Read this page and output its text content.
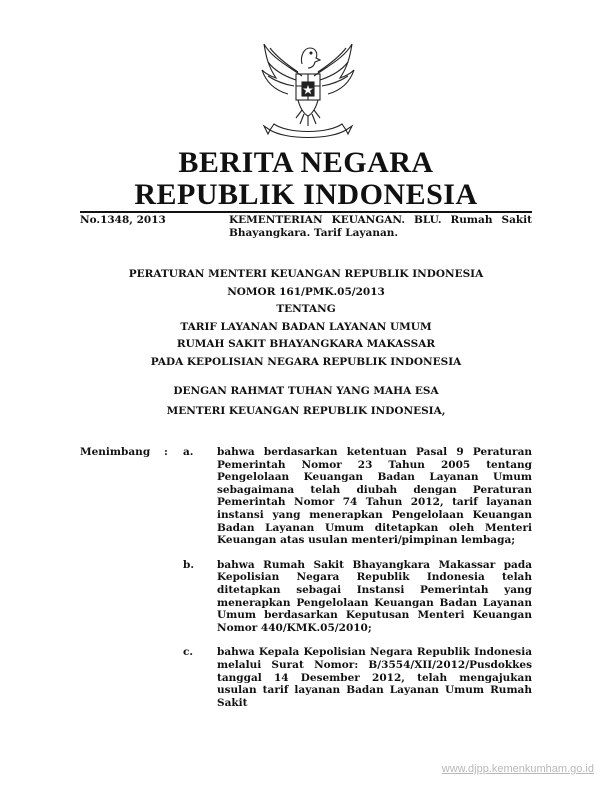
BERITA NEGARA
REPUBLIK INDONESIA
No.1348, 2013	KEMENTERIAN KEUANGAN. BLU. Rumah Sakit Bhayangkara. Tarif Layanan.
PERATURAN MENTERI KEUANGAN REPUBLIK INDONESIA
NOMOR 161/PMK.05/2013
TENTANG
TARIF LAYANAN BADAN LAYANAN UMUM
RUMAH SAKIT BHAYANGKARA MAKASSAR
PADA KEPOLISIAN NEGARA REPUBLIK INDONESIA
DENGAN RAHMAT TUHAN YANG MAHA ESA
MENTERI KEUANGAN REPUBLIK INDONESIA,
Menimbang : a. bahwa berdasarkan ketentuan Pasal 9 Peraturan Pemerintah Nomor 23 Tahun 2005 tentang Pengelolaan Keuangan Badan Layanan Umum sebagaimana telah diubah dengan Peraturan Pemerintah Nomor 74 Tahun 2012, tarif layanan instansi yang menerapkan Pengelolaan Keuangan Badan Layanan Umum ditetapkan oleh Menteri Keuangan atas usulan menteri/pimpinan lembaga;
b. bahwa Rumah Sakit Bhayangkara Makassar pada Kepolisian Negara Republik Indonesia telah ditetapkan sebagai Instansi Pemerintah yang menerapkan Pengelolaan Keuangan Badan Layanan Umum berdasarkan Keputusan Menteri Keuangan Nomor 440/KMK.05/2010;
c. bahwa Kepala Kepolisian Negara Republik Indonesia melalui Surat Nomor: B/3554/XII/2012/Pusdokkes tanggal 14 Desember 2012, telah mengajukan usulan tarif layanan Badan Layanan Umum Rumah Sakit
www.djpp.kemenkumham.go.id
